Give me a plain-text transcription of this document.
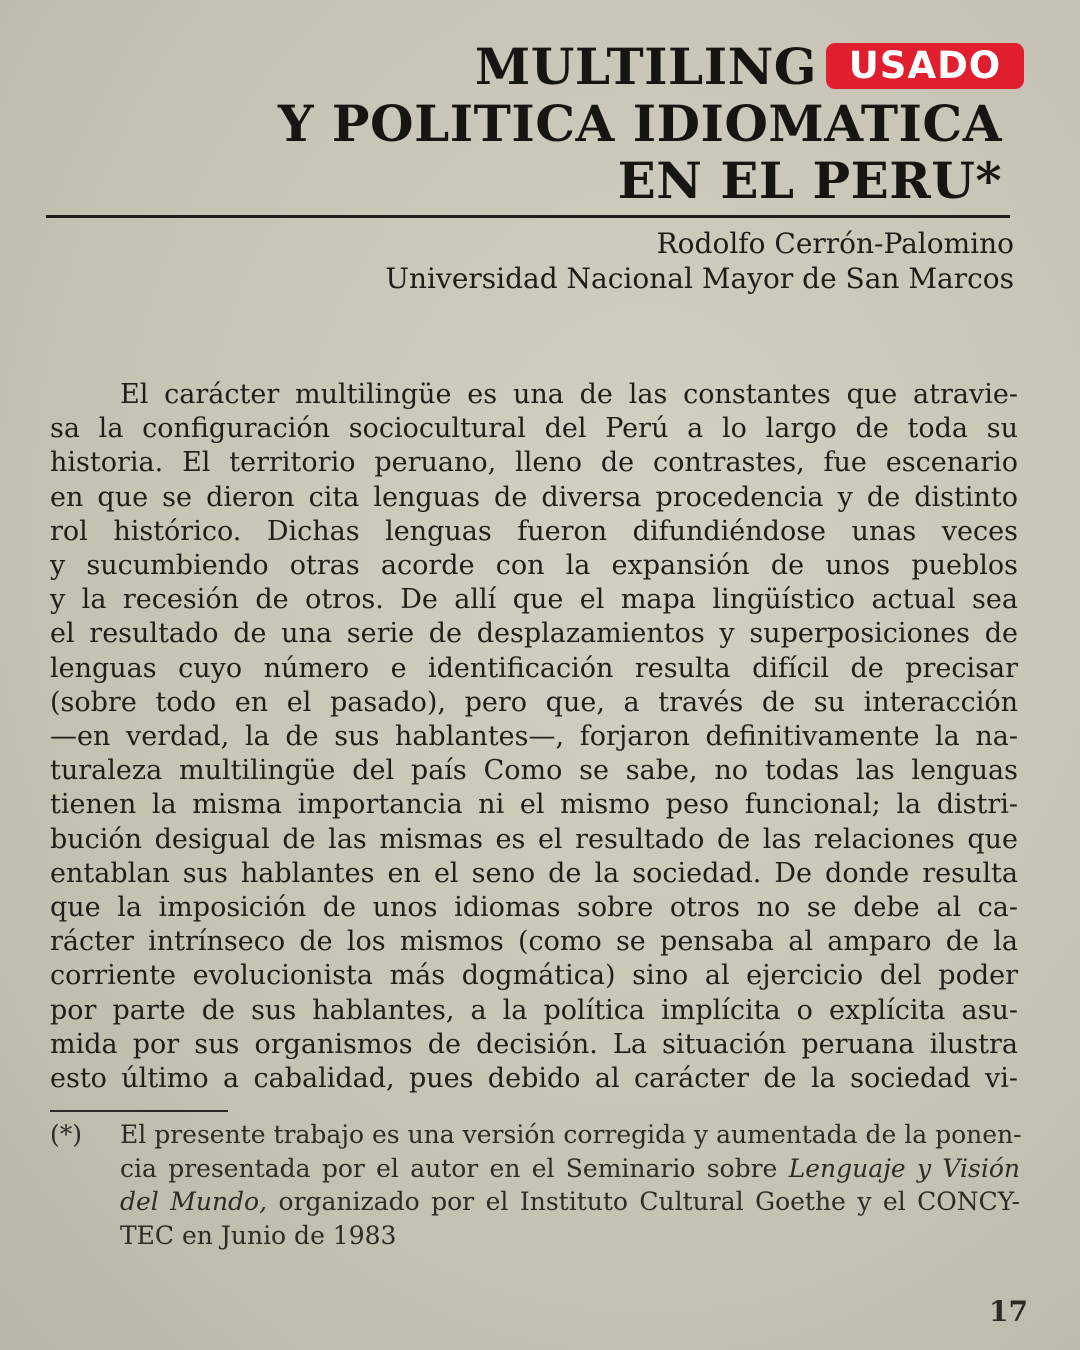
MULTILING
Y POLITICA IDIOMATICA
EN EL PERU*
USADO
Rodolfo Cerrón-Palomino
Universidad Nacional Mayor de San Marcos
El carácter multilingüe es una de las constantes que atravie-
sa la configuración sociocultural del Perú a lo largo de toda su
historia. El territorio peruano, lleno de contrastes, fue escenario
en que se dieron cita lenguas de diversa procedencia y de distinto
rol histórico. Dichas lenguas fueron difundiéndose unas veces
y sucumbiendo otras acorde con la expansión de unos pueblos
y la recesión de otros. De allí que el mapa lingüístico actual sea
el resultado de una serie de desplazamientos y superposiciones de
lenguas cuyo número e identificación resulta difícil de precisar
(sobre todo en el pasado), pero que, a través de su interacción
—en verdad, la de sus hablantes—, forjaron definitivamente la na-
turaleza multilingüe del país Como se sabe, no todas las lenguas
tienen la misma importancia ni el mismo peso funcional; la distri-
bución desigual de las mismas es el resultado de las relaciones que
entablan sus hablantes en el seno de la sociedad. De donde resulta
que la imposición de unos idiomas sobre otros no se debe al ca-
rácter intrínseco de los mismos (como se pensaba al amparo de la
corriente evolucionista más dogmática) sino al ejercicio del poder
por parte de sus hablantes, a la política implícita o explícita asu-
mida por sus organismos de decisión. La situación peruana ilustra
esto último a cabalidad, pues debido al carácter de la sociedad vi-
(*) El presente trabajo es una versión corregida y aumentada de la ponen-
cia presentada por el autor en el Seminario sobre Lenguaje y Visión
del Mundo, organizado por el Instituto Cultural Goethe y el CONCY-
TEC en Junio de 1983
17
